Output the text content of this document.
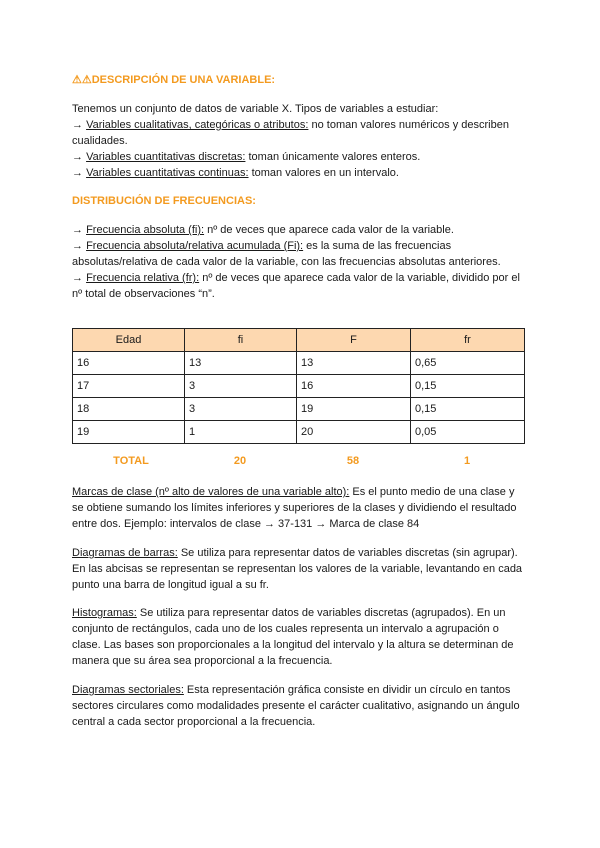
⚠⚠DESCRIPCIÓN DE UNA VARIABLE:
Tenemos un conjunto de datos de variable X. Tipos de variables a estudiar:
→ Variables cualitativas, categóricas o atributos: no toman valores numéricos y describen
cualidades.
→ Variables cuantitativas discretas: toman únicamente valores enteros.
→ Variables cuantitativas continuas: toman valores en un intervalo.
DISTRIBUCIÓN DE FRECUENCIAS:
→ Frecuencia absoluta (fi): nº de veces que aparece cada valor de la variable.
→ Frecuencia absoluta/relativa acumulada (Fi): es la suma de las frecuencias
absolutas/relativa de cada valor de la variable, con las frecuencias absolutas anteriores.
→ Frecuencia relativa (fr): nº de veces que aparece cada valor de la variable, dividido por el
nº total de observaciones “n”.
Edad	fi	F	fr
16	13	13	0,65
17	3	16	0,15
18	3	19	0,15
19	1	20	0,05
TOTAL	20	58	1
Marcas de clase (nº alto de valores de una variable alto): Es el punto medio de una clase y
se obtiene sumando los límites inferiores y superiores de la clases y dividiendo el resultado
entre dos. Ejemplo: intervalos de clase → 37-131 → Marca de clase 84
Diagramas de barras: Se utiliza para representar datos de variables discretas (sin agrupar).
En las abcisas se representan se representan los valores de la variable, levantando en cada
punto una barra de longitud igual a su fr.
Histogramas: Se utiliza para representar datos de variables discretas (agrupados). En un
conjunto de rectángulos, cada uno de los cuales representa un intervalo a agrupación o
clase. Las bases son proporcionales a la longitud del intervalo y la altura se determinan de
manera que su área sea proporcional a la frecuencia.
Diagramas sectoriales: Esta representación gráfica consiste en dividir un círculo en tantos
sectores circulares como modalidades presente el carácter cualitativo, asignando un ángulo
central a cada sector proporcional a la frecuencia.
